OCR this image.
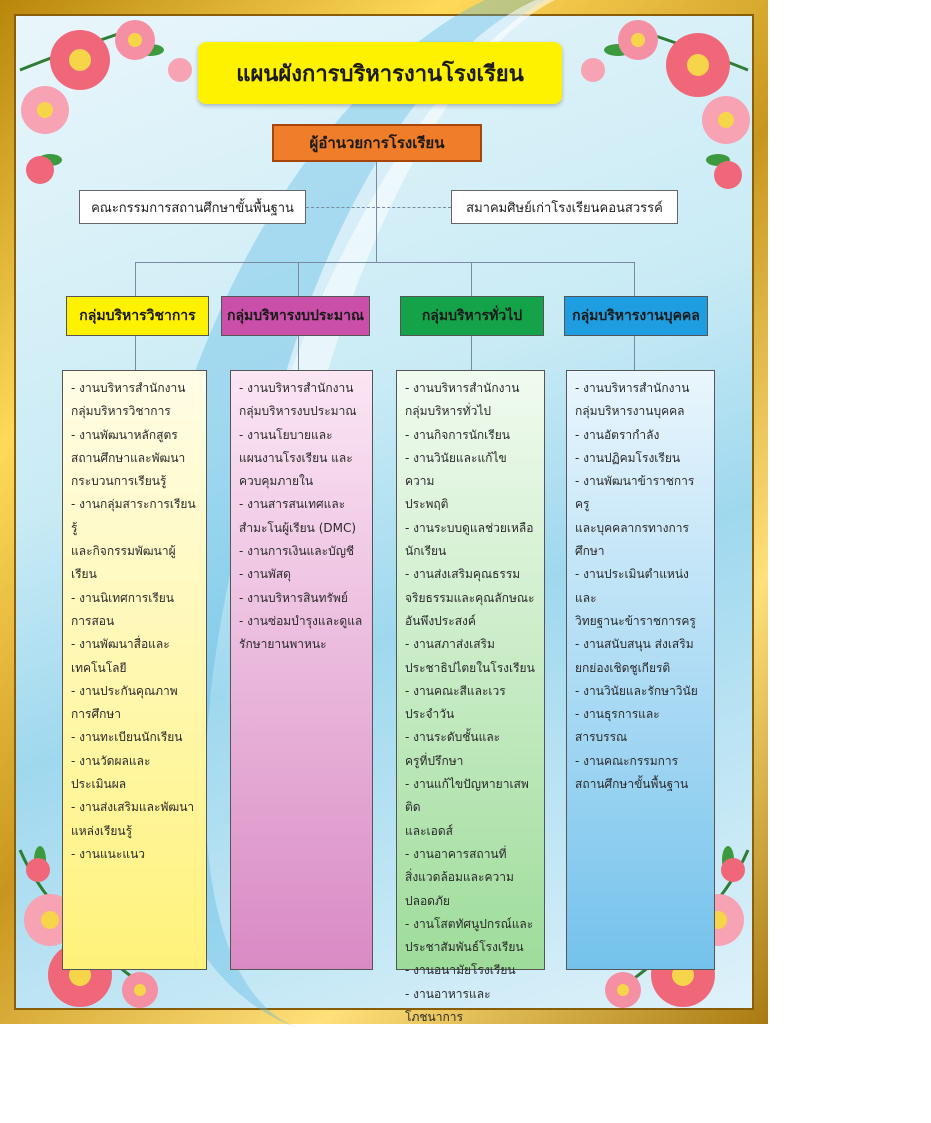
แผนผังการบริหารงานโรงเรียน
ผู้อำนวยการโรงเรียน
คณะกรรมการสถานศึกษาขั้นพื้นฐาน	สมาคมศิษย์เก่าโรงเรียนคอนสวรรค์
กลุ่มบริหารวิชาการ	กลุ่มบริหารงบประมาณ	กลุ่มบริหารทั่วไป	กลุ่มบริหารงานบุคคล
- งานบริหารสำนักงาน
กลุ่มบริหารวิชาการ
- งานพัฒนาหลักสูตร
สถานศึกษาและพัฒนา
กระบวนการเรียนรู้
- งานกลุ่มสาระการเรียนรู้
และกิจกรรมพัฒนาผู้เรียน
- งานนิเทศการเรียน
การสอน
- งานพัฒนาสื่อและ
เทคโนโลยี
- งานประกันคุณภาพ
การศึกษา
- งานทะเบียนนักเรียน
- งานวัดผลและ
ประเมินผล
- งานส่งเสริมและพัฒนา
แหล่งเรียนรู้
- งานแนะแนว
- งานบริหารสำนักงาน
กลุ่มบริหารงบประมาณ
- งานนโยบายและ
แผนงานโรงเรียน และ
ควบคุมภายใน
- งานสารสนเทศและ
สำมะโนผู้เรียน (DMC)
- งานการเงินและบัญชี
- งานพัสดุ
- งานบริหารสินทรัพย์
- งานซ่อมบำรุงและดูแล
รักษายานพาหนะ
- งานบริหารสำนักงาน
กลุ่มบริหารทั่วไป
- งานกิจการนักเรียน
- งานวินัยและแก้ไขความ
ประพฤติ
- งานระบบดูแลช่วยเหลือ
นักเรียน
- งานส่งเสริมคุณธรรม
จริยธรรมและคุณลักษณะ
อันพึงประสงค์
- งานสภาส่งเสริม
ประชาธิปไตยในโรงเรียน
- งานคณะสีและเวร
ประจำวัน
- งานระดับชั้นและ
ครูที่ปรึกษา
- งานแก้ไขปัญหายาเสพติด
และเอดส์
- งานอาคารสถานที่
สิ่งแวดล้อมและความ
ปลอดภัย
- งานโสตทัศนูปกรณ์และ
ประชาสัมพันธ์โรงเรียน
- งานอนามัยโรงเรียน
- งานอาหารและโภชนาการ
- งานบริหารสำนักงาน
กลุ่มบริหารงานบุคคล
- งานอัตรากำลัง
- งานปฏิคมโรงเรียน
- งานพัฒนาข้าราชการครู
และบุคคลากรทางการ
ศึกษา
- งานประเมินตำแหน่งและ
วิทยฐานะข้าราชการครู
- งานสนับสนุน ส่งเสริม
ยกย่องเชิดชูเกียรติ
- งานวินัยและรักษาวินัย
- งานธุรการและสารบรรณ
- งานคณะกรรมการ
สถานศึกษาขั้นพื้นฐาน
